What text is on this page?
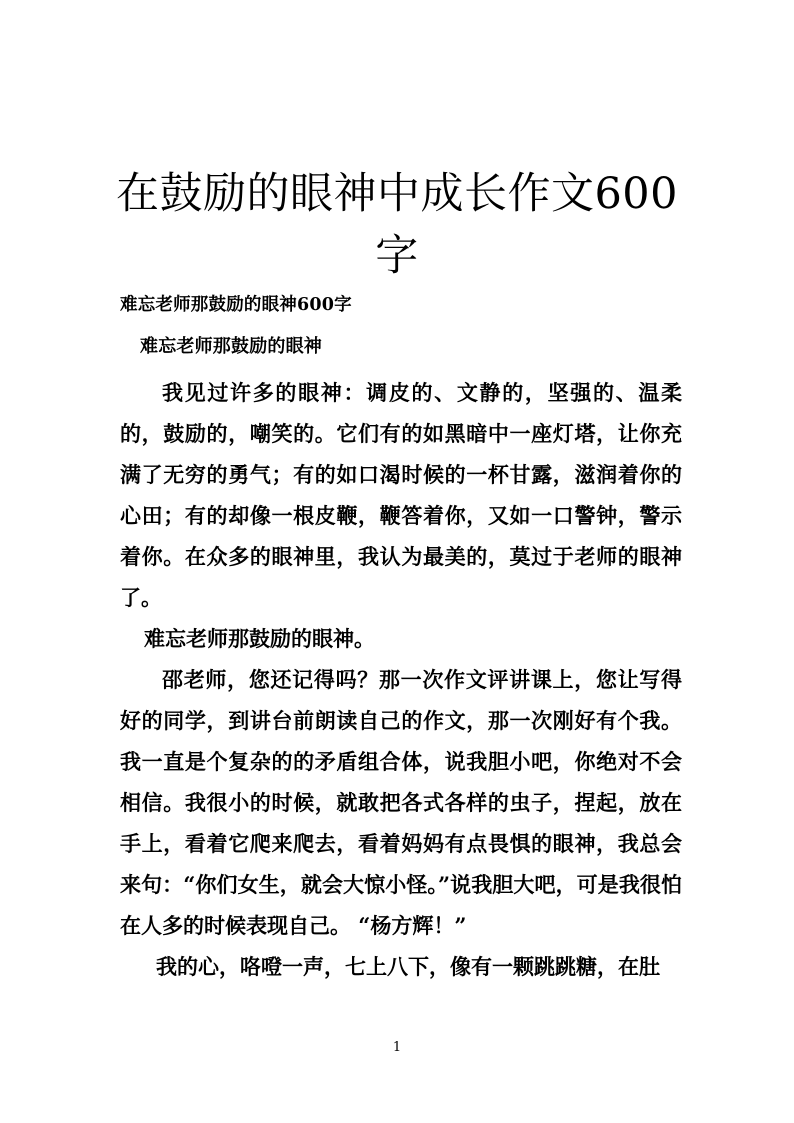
在鼓励的眼神中成长作文600字

难忘老师那鼓励的眼神600字

难忘老师那鼓励的眼神

我见过许多的眼神：调皮的、文静的，坚强的、温柔的，鼓励的，嘲笑的。它们有的如黑暗中一座灯塔，让你充满了无穷的勇气；有的如口渴时候的一杯甘露，滋润着你的心田；有的却像一根皮鞭，鞭答着你，又如一口警钟，警示着你。在众多的眼神里，我认为最美的，莫过于老师的眼神了。

难忘老师那鼓励的眼神。

邵老师，您还记得吗？那一次作文评讲课上，您让写得好的同学，到讲台前朗读自己的作文，那一次刚好有个我。我一直是个复杂的的矛盾组合体，说我胆小吧，你绝对不会相信。我很小的时候，就敢把各式各样的虫子，捏起，放在手上，看着它爬来爬去，看着妈妈有点畏惧的眼神，我总会来句：“你们女生，就会大惊小怪。”说我胆大吧，可是我很怕在人多的时候表现自己。 “杨方辉！”

我的心，咯噔一声，七上八下，像有一颗跳跳糖，在肚

1
